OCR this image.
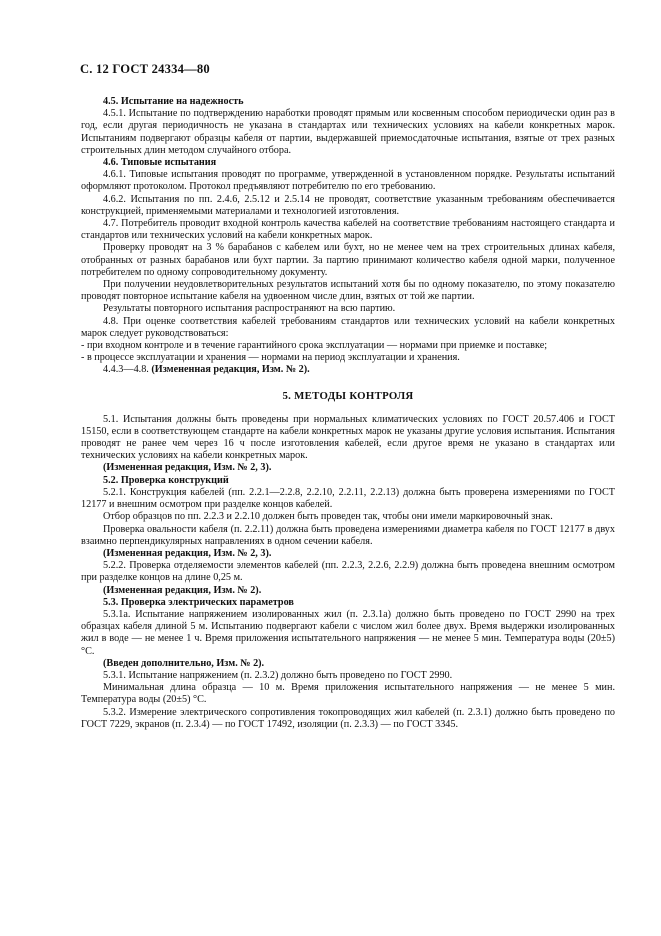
С. 12 ГОСТ 24334—80

4.5. Испытание на надежность

4.5.1. Испытание по подтверждению наработки проводят прямым или косвенным способом периодически один раз в год, если другая периодичность не указана в стандартах или технических условиях на кабели конкретных марок. Испытаниям подвергают образцы кабеля от партии, выдержавшей приемосдаточные испытания, взятые от трех разных строительных длин методом случайного отбора.

4.6. Типовые испытания

4.6.1. Типовые испытания проводят по программе, утвержденной в установленном порядке. Результаты испытаний оформляют протоколом. Протокол предъявляют потребителю по его требованию.

4.6.2. Испытания по пп. 2.4.6, 2.5.12 и 2.5.14 не проводят, соответствие указанным требованиям обеспечивается конструкцией, применяемыми материалами и технологией изготовления.

4.7. Потребитель проводит входной контроль качества кабелей на соответствие требованиям настоящего стандарта и стандартов или технических условий на кабели конкретных марок.

Проверку проводят на 3 % барабанов с кабелем или бухт, но не менее чем на трех строительных длинах кабеля, отобранных от разных барабанов или бухт партии. За партию принимают количество кабеля одной марки, полученное потребителем по одному сопроводительному документу.

При получении неудовлетворительных результатов испытаний хотя бы по одному показателю, по этому показателю проводят повторное испытание кабеля на удвоенном числе длин, взятых от той же партии.

Результаты повторного испытания распространяют на всю партию.

4.8. При оценке соответствия кабелей требованиям стандартов или технических условий на кабели конкретных марок следует руководствоваться:

- при входном контроле и в течение гарантийного срока эксплуатации — нормами при приемке и поставке;

- в процессе эксплуатации и хранения — нормами на период эксплуатации и хранения.

4.4.3—4.8. (Измененная редакция, Изм. № 2).

5. МЕТОДЫ КОНТРОЛЯ

5.1. Испытания должны быть проведены при нормальных климатических условиях по ГОСТ 20.57.406 и ГОСТ 15150, если в соответствующем стандарте на кабели конкретных марок не указаны другие условия испытания. Испытания проводят не ранее чем через 16 ч после изготовления кабелей, если другое время не указано в стандартах или технических условиях на кабели конкретных марок.

(Измененная редакция, Изм. № 2, 3).

5.2. Проверка конструкций

5.2.1. Конструкция кабелей (пп. 2.2.1—2.2.8, 2.2.10, 2.2.11, 2.2.13) должна быть проверена измерениями по ГОСТ 12177 и внешним осмотром при разделке концов кабелей.

Отбор образцов по пп. 2.2.3 и 2.2.10 должен быть проведен так, чтобы они имели маркировочный знак.

Проверка овальности кабеля (п. 2.2.11) должна быть проведена измерениями диаметра кабеля по ГОСТ 12177 в двух взаимно перпендикулярных направлениях в одном сечении кабеля.

(Измененная редакция, Изм. № 2, 3).

5.2.2. Проверка отделяемости элементов кабелей (пп. 2.2.3, 2.2.6, 2.2.9) должна быть проведена внешним осмотром при разделке концов на длине 0,25 м.

(Измененная редакция, Изм. № 2).

5.3. Проверка электрических параметров

5.3.1а. Испытание напряжением изолированных жил (п. 2.3.1а) должно быть проведено по ГОСТ 2990 на трех образцах кабеля длиной 5 м. Испытанию подвергают кабели с числом жил более двух. Время выдержки изолированных жил в воде — не менее 1 ч. Время приложения испытательного напряжения — не менее 5 мин. Температура воды (20±5) °С.

(Введен дополнительно, Изм. № 2).

5.3.1. Испытание напряжением (п. 2.3.2) должно быть проведено по ГОСТ 2990.

Минимальная длина образца — 10 м. Время приложения испытательного напряжения — не менее 5 мин. Температура воды (20±5) °С.

5.3.2. Измерение электрического сопротивления токопроводящих жил кабелей (п. 2.3.1) должно быть проведено по ГОСТ 7229, экранов (п. 2.3.4) — по ГОСТ 17492, изоляции (п. 2.3.3) — по ГОСТ 3345.
